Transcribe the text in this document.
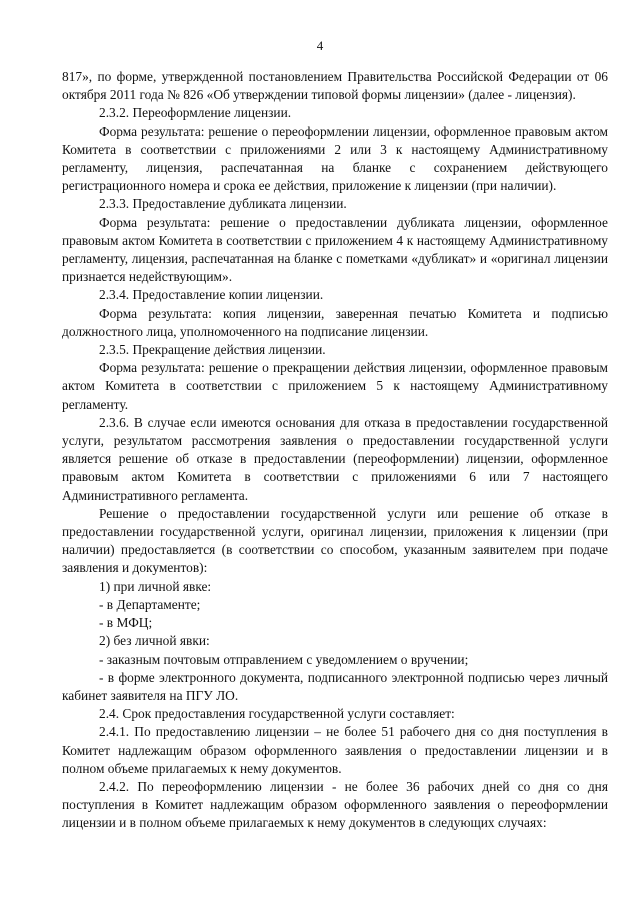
4

817», по форме, утвержденной постановлением Правительства Российской Федерации от 06 октября 2011 года № 826 «Об утверждении типовой формы лицензии» (далее - лицензия).

2.3.2. Переоформление лицензии.

Форма результата: решение о переоформлении лицензии, оформленное правовым актом Комитета в соответствии с приложениями 2 или 3 к настоящему Административному регламенту, лицензия, распечатанная на бланке с сохранением действующего регистрационного номера и срока ее действия, приложение к лицензии (при наличии).

2.3.3. Предоставление дубликата лицензии.

Форма результата: решение о предоставлении дубликата лицензии, оформленное правовым актом Комитета в соответствии с приложением 4 к настоящему Административному регламенту, лицензия, распечатанная на бланке с пометками «дубликат» и «оригинал лицензии признается недействующим».

2.3.4. Предоставление копии лицензии.

Форма результата: копия лицензии, заверенная печатью Комитета и подписью должностного лица, уполномоченного на подписание лицензии.

2.3.5. Прекращение действия лицензии.

Форма результата: решение о прекращении действия лицензии, оформленное правовым актом Комитета в соответствии с приложением 5 к настоящему Административному регламенту.

2.3.6. В случае если имеются основания для отказа в предоставлении государственной услуги, результатом рассмотрения заявления о предоставлении государственной услуги является решение об отказе в предоставлении (переоформлении) лицензии, оформленное правовым актом Комитета в соответствии с приложениями 6 или 7 настоящего Административного регламента.

Решение о предоставлении государственной услуги или решение об отказе в предоставлении государственной услуги, оригинал лицензии, приложения к лицензии (при наличии) предоставляется (в соответствии со способом, указанным заявителем при подаче заявления и документов):

1) при личной явке:

- в Департаменте;

- в МФЦ;

2) без личной явки:

- заказным почтовым отправлением с уведомлением о вручении;

- в форме электронного документа, подписанного электронной подписью через личный кабинет заявителя на ПГУ ЛО.

2.4. Срок предоставления государственной услуги составляет:

2.4.1. По предоставлению лицензии – не более 51 рабочего дня со дня поступления в Комитет надлежащим образом оформленного заявления о предоставлении лицензии и в полном объеме прилагаемых к нему документов.

2.4.2. По переоформлению лицензии - не более 36 рабочих дней со дня со дня поступления в Комитет надлежащим образом оформленного заявления о переоформлении лицензии и в полном объеме прилагаемых к нему документов в следующих случаях:
